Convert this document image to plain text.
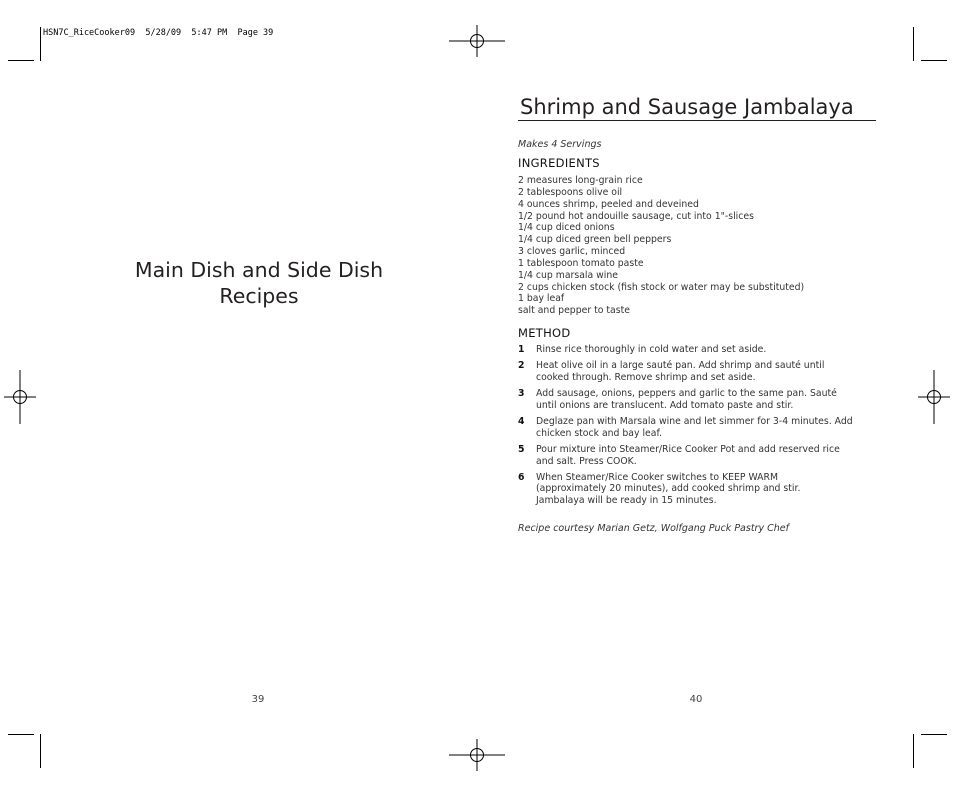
HSN7C_RiceCooker09  5/28/09  5:47 PM  Page 39
Main Dish and Side Dish
Recipes
39
Shrimp and Sausage Jambalaya
Makes 4 Servings
INGREDIENTS
2 measures long-grain rice
2 tablespoons olive oil
4 ounces shrimp, peeled and deveined
1/2 pound hot andouille sausage, cut into 1"-slices
1/4 cup diced onions
1/4 cup diced green bell peppers
3 cloves garlic, minced
1 tablespoon tomato paste
1/4 cup marsala wine
2 cups chicken stock (fish stock or water may be substituted)
1 bay leaf
salt and pepper to taste
METHOD
1 Rinse rice thoroughly in cold water and set aside.
2 Heat olive oil in a large sauté pan. Add shrimp and sauté until
cooked through. Remove shrimp and set aside.
3 Add sausage, onions, peppers and garlic to the same pan. Sauté
until onions are translucent. Add tomato paste and stir.
4 Deglaze pan with Marsala wine and let simmer for 3-4 minutes. Add
chicken stock and bay leaf.
5 Pour mixture into Steamer/Rice Cooker Pot and add reserved rice
and salt. Press COOK.
6 When Steamer/Rice Cooker switches to KEEP WARM
(approximately 20 minutes), add cooked shrimp and stir.
Jambalaya will be ready in 15 minutes.
Recipe courtesy Marian Getz, Wolfgang Puck Pastry Chef
40
